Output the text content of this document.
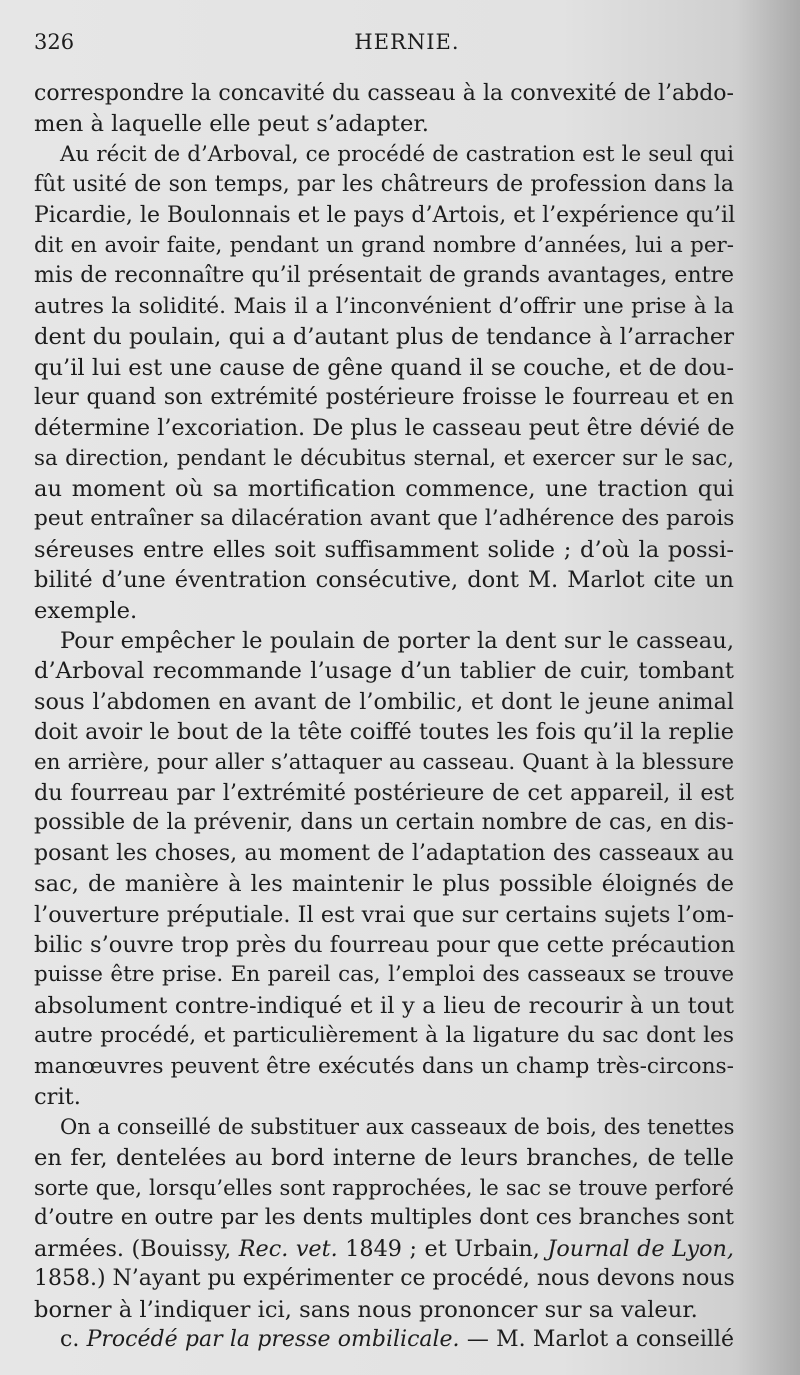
326	HERNIE.
correspondre la concavité du casseau à la convexité de l’abdo-
men à laquelle elle peut s’adapter.
Au récit de d’Arboval, ce procédé de castration est le seul qui
fût usité de son temps, par les châtreurs de profession dans la
Picardie, le Boulonnais et le pays d’Artois, et l’expérience qu’il
dit en avoir faite, pendant un grand nombre d’années, lui a per-
mis de reconnaître qu’il présentait de grands avantages, entre
autres la solidité. Mais il a l’inconvénient d’offrir une prise à la
dent du poulain, qui a d’autant plus de tendance à l’arracher
qu’il lui est une cause de gêne quand il se couche, et de dou-
leur quand son extrémité postérieure froisse le fourreau et en
détermine l’excoriation. De plus le casseau peut être dévié de
sa direction, pendant le décubitus sternal, et exercer sur le sac,
au moment où sa mortification commence, une traction qui
peut entraîner sa dilacération avant que l’adhérence des parois
séreuses entre elles soit suffisamment solide ; d’où la possi-
bilité d’une éventration consécutive, dont M. Marlot cite un
exemple.
Pour empêcher le poulain de porter la dent sur le casseau,
d’Arboval recommande l’usage d’un tablier de cuir, tombant
sous l’abdomen en avant de l’ombilic, et dont le jeune animal
doit avoir le bout de la tête coiffé toutes les fois qu’il la replie
en arrière, pour aller s’attaquer au casseau. Quant à la blessure
du fourreau par l’extrémité postérieure de cet appareil, il est
possible de la prévenir, dans un certain nombre de cas, en dis-
posant les choses, au moment de l’adaptation des casseaux au
sac, de manière à les maintenir le plus possible éloignés de
l’ouverture préputiale. Il est vrai que sur certains sujets l’om-
bilic s’ouvre trop près du fourreau pour que cette précaution
puisse être prise. En pareil cas, l’emploi des casseaux se trouve
absolument contre-indiqué et il y a lieu de recourir à un tout
autre procédé, et particulièrement à la ligature du sac dont les
manœuvres peuvent être exécutés dans un champ très-circons-
crit.
On a conseillé de substituer aux casseaux de bois, des tenettes
en fer, dentelées au bord interne de leurs branches, de telle
sorte que, lorsqu’elles sont rapprochées, le sac se trouve perforé
d’outre en outre par les dents multiples dont ces branches sont
armées. (Bouissy, Rec. vet. 1849 ; et Urbain, Journal de Lyon,
1858.) N’ayant pu expérimenter ce procédé, nous devons nous
borner à l’indiquer ici, sans nous prononcer sur sa valeur.
c. Procédé par la presse ombilicale. — M. Marlot a conseillé
